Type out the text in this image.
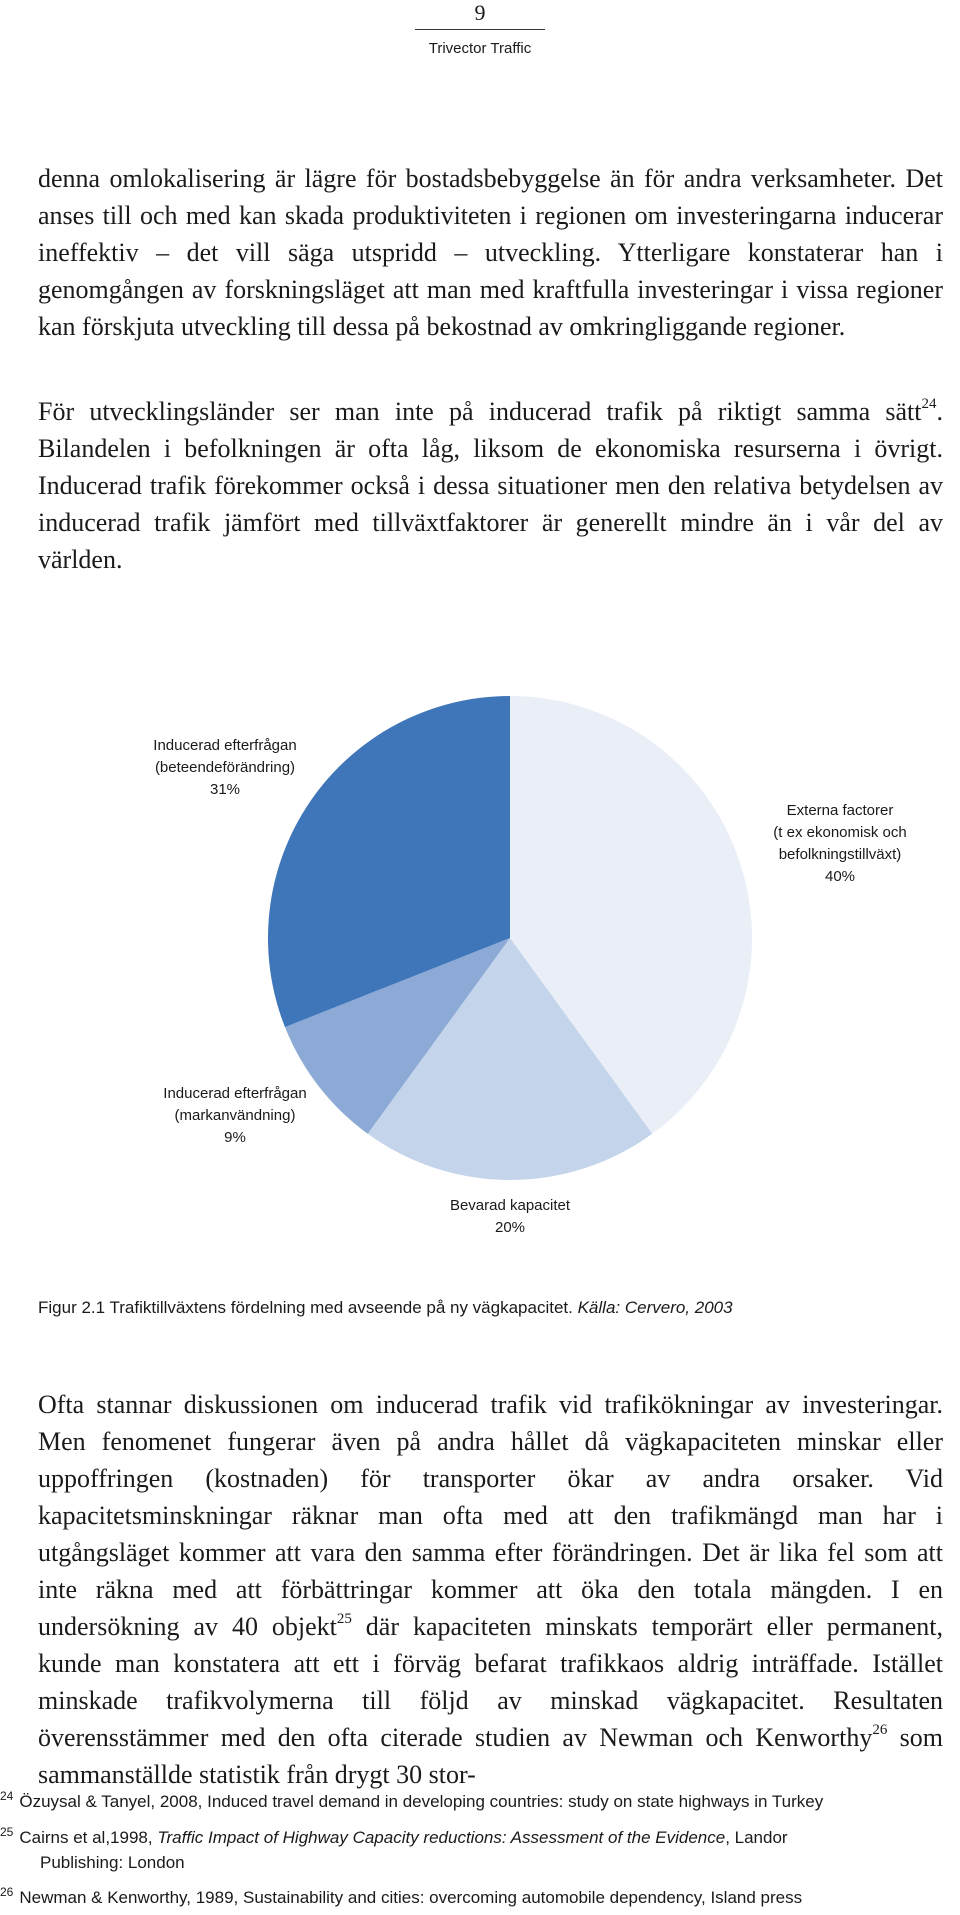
9
Trivector Traffic

denna omlokalisering är lägre för bostadsbebyggelse än för andra verksamheter. Det anses till och med kan skada produktiviteten i regionen om investeringarna inducerar ineffektiv – det vill säga utspridd – utveckling. Ytterligare konstaterar han i genomgången av forskningsläget att man med kraftfulla investeringar i vissa regioner kan förskjuta utveckling till dessa på bekostnad av omkringliggande regioner.

För utvecklingsländer ser man inte på inducerad trafik på riktigt samma sätt$^{24}$. Bilandelen i befolkningen är ofta låg, liksom de ekonomiska resurserna i övrigt. Inducerad trafik förekommer också i dessa situationer men den relativa betydelsen av inducerad trafik jämfört med tillväxtfaktorer är generellt mindre än i vår del av världen.

Externa factorer
(t ex ekonomisk och
befolkningstillväxt)
40%
Bevarad kapacitet
20%
Inducerad efterfrågan
(markanvändning)
9%
Inducerad efterfrågan
(beteendeförändring)
31%
Figur 2.1 Trafiktillväxtens fördelning med avseende på ny vägkapacitet. Källa: Cervero, 2003

Ofta stannar diskussionen om inducerad trafik vid trafikökningar av investeringar. Men fenomenet fungerar även på andra hållet då vägkapaciteten minskar eller uppoffringen (kostnaden) för transporter ökar av andra orsaker. Vid kapacitetsminskningar räknar man ofta med att den trafikmängd man har i utgångsläget kommer att vara den samma efter förändringen. Det är lika fel som att inte räkna med att förbättringar kommer att öka den totala mängden. I en undersökning av 40 objekt$^{25}$ där kapaciteten minskats temporärt eller permanent, kunde man konstatera att ett i förväg befarat trafikkaos aldrig inträffade. Istället minskade trafikvolymerna till följd av minskad vägkapacitet. Resultaten överensstämmer med den ofta citerade studien av Newman och Kenworthy$^{26}$ som sammanställde statistik från drygt 30 stor-

$^{24}$ Özuysal & Tanyel, 2008, Induced travel demand in developing countries: study on state highways in Turkey
$^{25}$ Cairns et al,1998, Traffic Impact of Highway Capacity reductions: Assessment of the Evidence, Landor
Publishing: London
$^{26}$ Newman & Kenworthy, 1989, Sustainability and cities: overcoming automobile dependency, Island press
